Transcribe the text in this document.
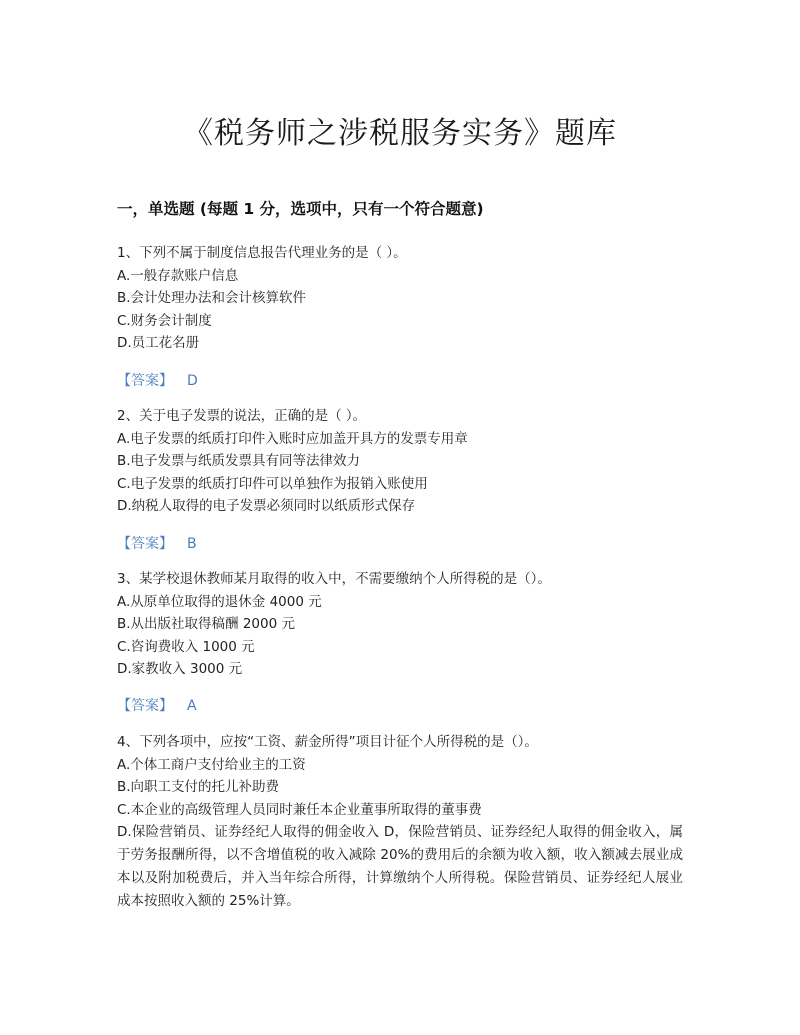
《税务师之涉税服务实务》题库
一，单选题 (每题 1 分，选项中，只有一个符合题意)
1、下列不属于制度信息报告代理业务的是（ ）。
A.一般存款账户信息
B.会计处理办法和会计核算软件
C.财务会计制度
D.员工花名册
【答案】 D
2、关于电子发票的说法，正确的是（ ）。
A.电子发票的纸质打印件入账时应加盖开具方的发票专用章
B.电子发票与纸质发票具有同等法律效力
C.电子发票的纸质打印件可以单独作为报销入账使用
D.纳税人取得的电子发票必须同时以纸质形式保存
【答案】 B
3、某学校退休教师某月取得的收入中，不需要缴纳个人所得税的是（）。
A.从原单位取得的退休金 4000 元
B.从出版社取得稿酬 2000 元
C.咨询费收入 1000 元
D.家教收入 3000 元
【答案】 A
4、下列各项中，应按“工资、薪金所得”项目计征个人所得税的是（）。
A.个体工商户支付给业主的工资
B.向职工支付的托儿补助费
C.本企业的高级管理人员同时兼任本企业董事所取得的董事费
D.保险营销员、证券经纪人取得的佣金收入 D，保险营销员、证券经纪人取得的佣金收入，属于劳务报酬所得，以不含增值税的收入减除 20%的费用后的余额为收入额，收入额减去展业成本以及附加税费后，并入当年综合所得，计算缴纳个人所得税。保险营销员、证券经纪人展业成本按照收入额的 25%计算。
